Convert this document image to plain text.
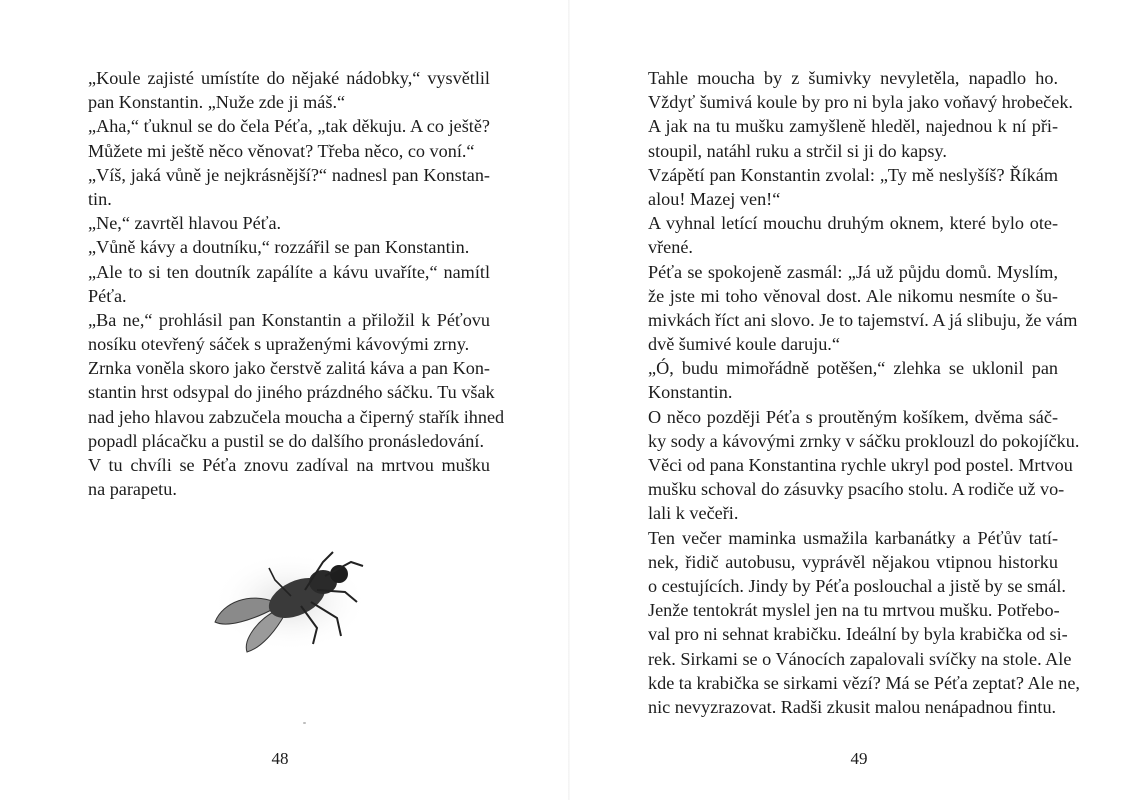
„Koule zajisté umístíte do nějaké nádobky,“ vysvětlil
pan Konstantin. „Nuže zde ji máš.“
„Aha,“ ťuknul se do čela Péťa, „tak děkuju. A co ještě?
Můžete mi ještě něco věnovat? Třeba něco, co voní.“
„Víš, jaká vůně je nejkrásnější?“ nadnesl pan Konstan-
tin.
„Ne,“ zavrtěl hlavou Péťa.
„Vůně kávy a doutníku,“ rozzářil se pan Konstantin.
„Ale to si ten doutník zapálíte a kávu uvaříte,“ namítl
Péťa.
„Ba ne,“ prohlásil pan Konstantin a přiložil k Péťovu
nosíku otevřený sáček s upraženými kávovými zrny.
Zrnka voněla skoro jako čerstvě zalitá káva a pan Kon-
stantin hrst odsypal do jiného prázdného sáčku. Tu však
nad jeho hlavou zabzučela moucha a čiperný stařík ihned
popadl plácačku a pustil se do dalšího pronásledování.
V tu chvíli se Péťa znovu zadíval na mrtvou mušku
na parapetu.
48
Tahle moucha by z šumivky nevyletěla, napadlo ho.
Vždyť šumivá koule by pro ni byla jako voňavý hrobeček.
A jak na tu mušku zamyšleně hleděl, najednou k ní při-
stoupil, natáhl ruku a strčil si ji do kapsy.
Vzápětí pan Konstantin zvolal: „Ty mě neslyšíš? Říkám
alou! Mazej ven!“
A vyhnal letící mouchu druhým oknem, které bylo ote-
vřené.
Péťa se spokojeně zasmál: „Já už půjdu domů. Myslím,
že jste mi toho věnoval dost. Ale nikomu nesmíte o šu-
mivkách říct ani slovo. Je to tajemství. A já slibuju, že vám
dvě šumivé koule daruju.“
„Ó, budu mimořádně potěšen,“ zlehka se uklonil pan
Konstantin.
O něco později Péťa s proutěným košíkem, dvěma sáč-
ky sody a kávovými zrnky v sáčku proklouzl do pokojíčku.
Věci od pana Konstantina rychle ukryl pod postel. Mrtvou
mušku schoval do zásuvky psacího stolu. A rodiče už vo-
lali k večeři.
Ten večer maminka usmažila karbanátky a Péťův tatí-
nek, řidič autobusu, vyprávěl nějakou vtipnou historku
o cestujících. Jindy by Péťa poslouchal a jistě by se smál.
Jenže tentokrát myslel jen na tu mrtvou mušku. Potřebo-
val pro ni sehnat krabičku. Ideální by byla krabička od si-
rek. Sirkami se o Vánocích zapalovali svíčky na stole. Ale
kde ta krabička se sirkami vězí? Má se Péťa zeptat? Ale ne,
nic nevyzrazovat. Radši zkusit malou nenápadnou fintu.
49
